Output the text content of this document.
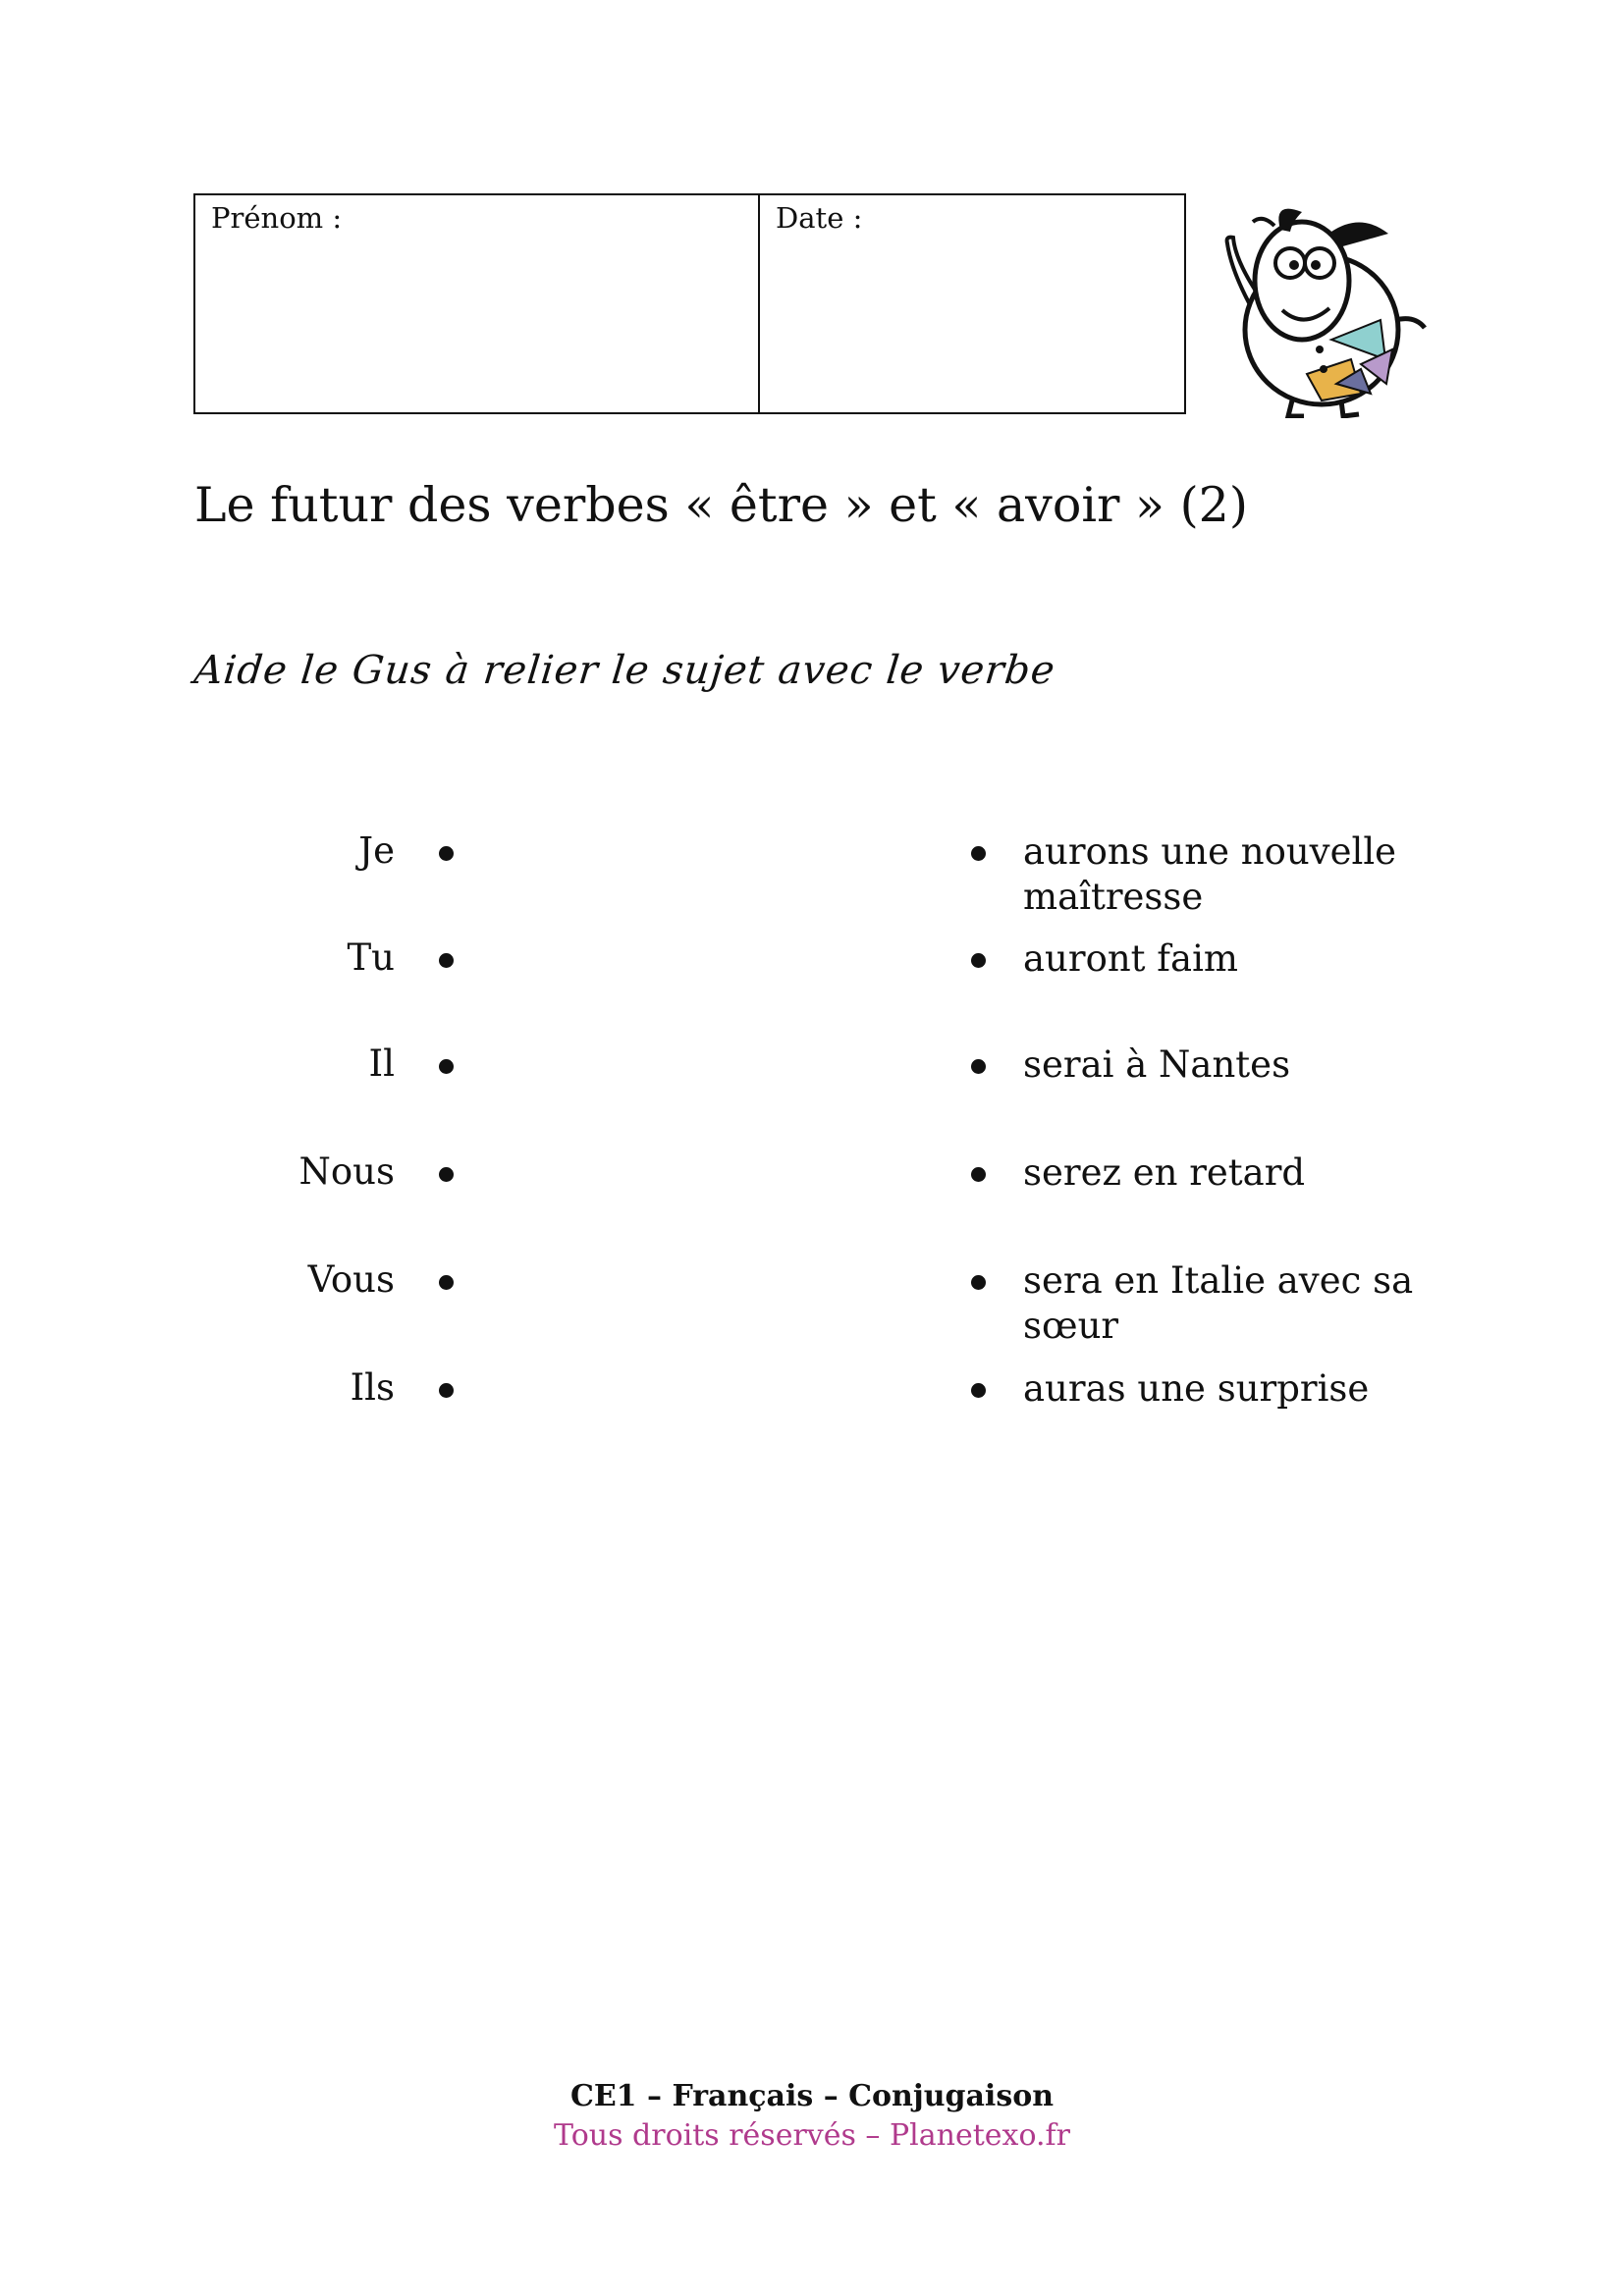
Prénom :	Date :
Le futur des verbes « être » et « avoir » (2)
Aide le Gus à relier le sujet avec le verbe
Je
Tu
Il
Nous
Vous
Ils
aurons une nouvelle maîtresse
auront faim
serai à Nantes
serez en retard
sera en Italie avec sa sœur
auras une surprise
CE1 – Français – Conjugaison
Tous droits réservés – Planetexo.fr
